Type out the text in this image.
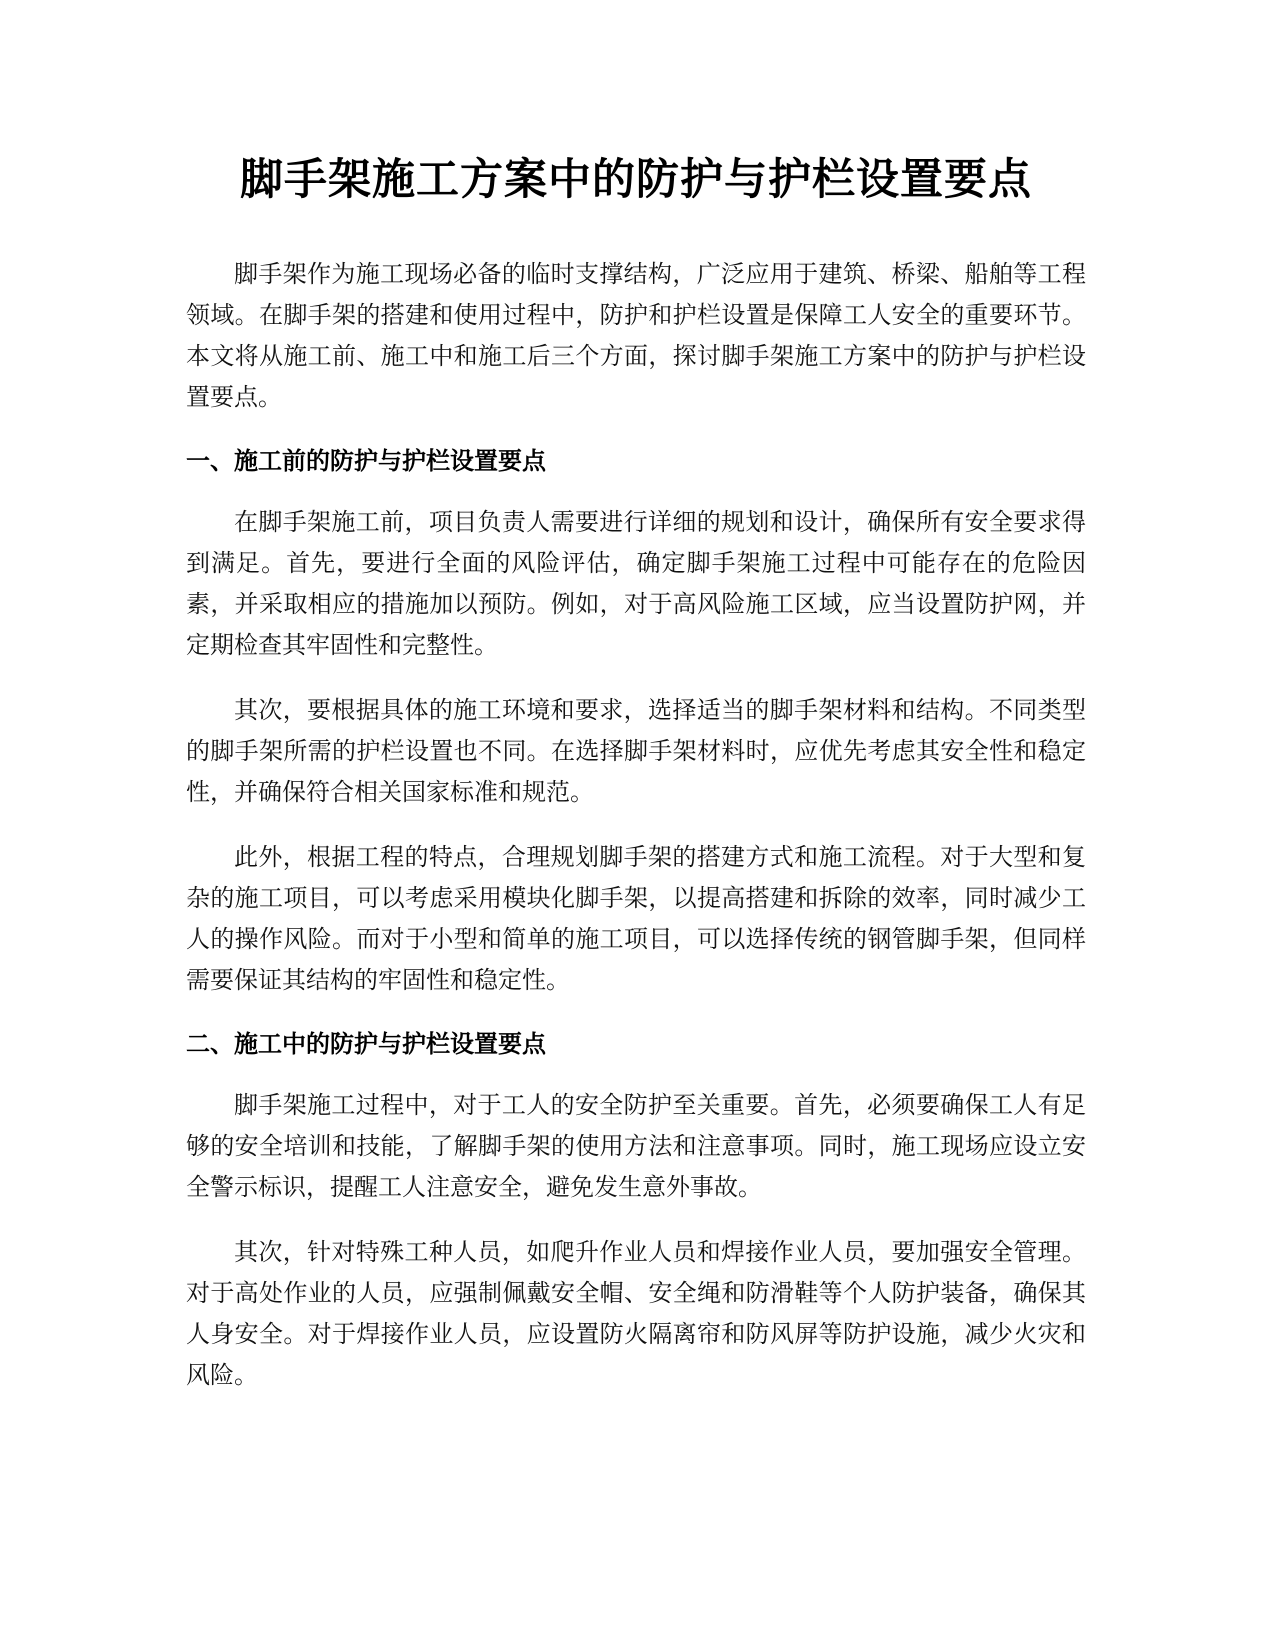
脚手架施工方案中的防护与护栏设置要点

脚手架作为施工现场必备的临时支撑结构，广泛应用于建筑、桥梁、船舶等工程领域。在脚手架的搭建和使用过程中，防护和护栏设置是保障工人安全的重要环节。本文将从施工前、施工中和施工后三个方面，探讨脚手架施工方案中的防护与护栏设置要点。

一、施工前的防护与护栏设置要点

在脚手架施工前，项目负责人需要进行详细的规划和设计，确保所有安全要求得到满足。首先，要进行全面的风险评估，确定脚手架施工过程中可能存在的危险因素，并采取相应的措施加以预防。例如，对于高风险施工区域，应当设置防护网，并定期检查其牢固性和完整性。

其次，要根据具体的施工环境和要求，选择适当的脚手架材料和结构。不同类型的脚手架所需的护栏设置也不同。在选择脚手架材料时，应优先考虑其安全性和稳定性，并确保符合相关国家标准和规范。

此外，根据工程的特点，合理规划脚手架的搭建方式和施工流程。对于大型和复杂的施工项目，可以考虑采用模块化脚手架，以提高搭建和拆除的效率，同时减少工人的操作风险。而对于小型和简单的施工项目，可以选择传统的钢管脚手架，但同样需要保证其结构的牢固性和稳定性。

二、施工中的防护与护栏设置要点

脚手架施工过程中，对于工人的安全防护至关重要。首先，必须要确保工人有足够的安全培训和技能，了解脚手架的使用方法和注意事项。同时，施工现场应设立安全警示标识，提醒工人注意安全，避免发生意外事故。

其次，针对特殊工种人员，如爬升作业人员和焊接作业人员，要加强安全管理。对于高处作业的人员，应强制佩戴安全帽、安全绳和防滑鞋等个人防护装备，确保其人身安全。对于焊接作业人员，应设置防火隔离帘和防风屏等防护设施，减少火灾和风险。
